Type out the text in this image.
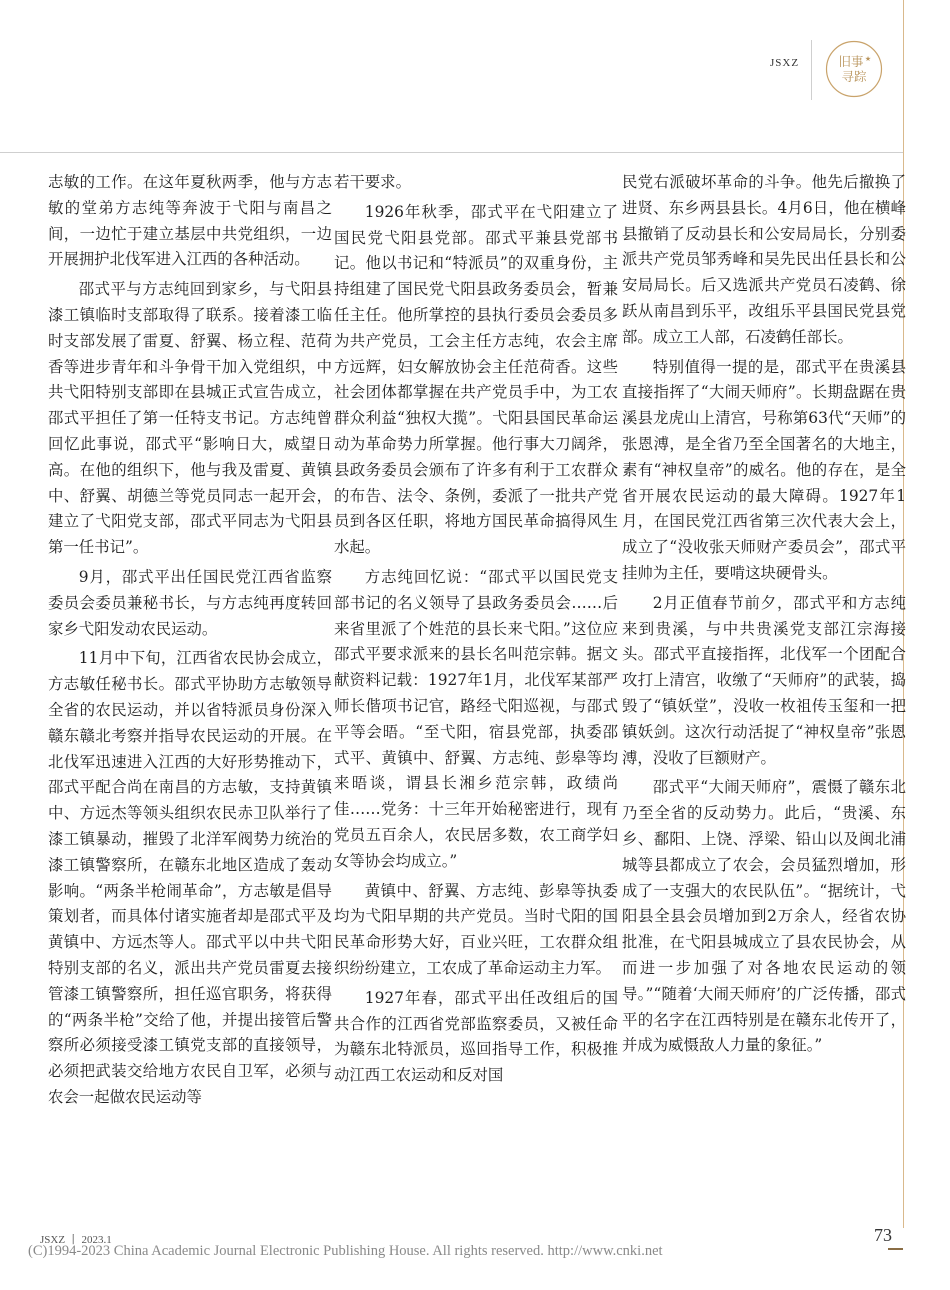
JSXZ	旧事 ★
寻踪

志敏的工作。在这年夏秋两季，他与方志敏的堂弟方志纯等奔波于弋阳与南昌之间，一边忙于建立基层中共党组织，一边开展拥护北伐军进入江西的各种活动。

邵式平与方志纯回到家乡，与弋阳县漆工镇临时支部取得了联系。接着漆工临时支部发展了雷夏、舒翼、杨立程、范荷香等进步青年和斗争骨干加入党组织，中共弋阳特别支部即在县城正式宣告成立，邵式平担任了第一任特支书记。方志纯曾回忆此事说，邵式平“影响日大，威望日高。在他的组织下，他与我及雷夏、黄镇中、舒翼、胡德兰等党员同志一起开会，建立了弋阳党支部，邵式平同志为弋阳县第一任书记”。

9月，邵式平出任国民党江西省监察委员会委员兼秘书长，与方志纯再度转回家乡弋阳发动农民运动。

11月中下旬，江西省农民协会成立，方志敏任秘书长。邵式平协助方志敏领导全省的农民运动，并以省特派员身份深入赣东赣北考察并指导农民运动的开展。在北伐军迅速进入江西的大好形势推动下，邵式平配合尚在南昌的方志敏，支持黄镇中、方远杰等领头组织农民赤卫队举行了漆工镇暴动，摧毁了北洋军阀势力统治的漆工镇警察所，在赣东北地区造成了轰动影响。“两条半枪闹革命”，方志敏是倡导策划者，而具体付诸实施者却是邵式平及黄镇中、方远杰等人。邵式平以中共弋阳特别支部的名义，派出共产党员雷夏去接管漆工镇警察所，担任巡官职务，将获得的“两条半枪”交给了他，并提出接管后警察所必须接受漆工镇党支部的直接领导，必须把武装交给地方农民自卫军，必须与农会一起做农民运动等

若干要求。

1926年秋季，邵式平在弋阳建立了国民党弋阳县党部。邵式平兼县党部书记。他以书记和“特派员”的双重身份，主持组建了国民党弋阳县政务委员会，暂兼任主任。他所掌控的县执行委员会委员多为共产党员，工会主任方志纯，农会主席方远辉，妇女解放协会主任范荷香。这些社会团体都掌握在共产党员手中，为工农群众利益“独权大揽”。弋阳县国民革命运动为革命势力所掌握。他行事大刀阔斧，县政务委员会颁布了许多有利于工农群众的布告、法令、条例，委派了一批共产党员到各区任职，将地方国民革命搞得风生水起。

方志纯回忆说：“邵式平以国民党支部书记的名义领导了县政务委员会……后来省里派了个姓范的县长来弋阳。”这位应邵式平要求派来的县长名叫范宗韩。据文献资料记载：1927年1月，北伐军某部严师长偕项书记官，路经弋阳巡视，与邵式平等会晤。“至弋阳，宿县党部，执委邵式平、黄镇中、舒翼、方志纯、彭皋等均来晤谈，谓县长湘乡范宗韩，政绩尚佳……党务：十三年开始秘密进行，现有党员五百余人，农民居多数，农工商学妇女等协会均成立。”

黄镇中、舒翼、方志纯、彭皋等执委均为弋阳早期的共产党员。当时弋阳的国民革命形势大好，百业兴旺，工农群众组织纷纷建立，工农成了革命运动主力军。

1927年春，邵式平出任改组后的国共合作的江西省党部监察委员，又被任命为赣东北特派员，巡回指导工作，积极推动江西工农运动和反对国

民党右派破坏革命的斗争。他先后撤换了进贤、东乡两县县长。4月6日，他在横峰县撤销了反动县长和公安局局长，分别委派共产党员邹秀峰和吴先民出任县长和公安局局长。后又选派共产党员石凌鹤、徐跃从南昌到乐平，改组乐平县国民党县党部。成立工人部，石凌鹤任部长。

特别值得一提的是，邵式平在贵溪县直接指挥了“大闹天师府”。长期盘踞在贵溪县龙虎山上清宫，号称第63代“天师”的张恩溥，是全省乃至全国著名的大地主，素有“神权皇帝”的威名。他的存在，是全省开展农民运动的最大障碍。1927年1月，在国民党江西省第三次代表大会上，成立了“没收张天师财产委员会”，邵式平挂帅为主任，要啃这块硬骨头。

2月正值春节前夕，邵式平和方志纯来到贵溪，与中共贵溪党支部江宗海接头。邵式平直接指挥，北伐军一个团配合攻打上清宫，收缴了“天师府”的武装，捣毁了“镇妖堂”，没收一枚祖传玉玺和一把镇妖剑。这次行动活捉了“神权皇帝”张恩溥，没收了巨额财产。

邵式平“大闹天师府”，震慑了赣东北乃至全省的反动势力。此后，“贵溪、东乡、鄱阳、上饶、浮梁、铅山以及闽北浦城等县都成立了农会，会员猛烈增加，形成了一支强大的农民队伍”。“据统计，弋阳县全县会员增加到2万余人，经省农协批准，在弋阳县城成立了县农民协会，从而进一步加强了对各地农民运动的领导。”“随着‘大闹天师府’的广泛传播，邵式平的名字在江西特别是在赣东北传开了，并成为威慑敌人力量的象征。”

JSXZ 丨 2023.1	73
(C)1994-2023 China Academic Journal Electronic Publishing House. All rights reserved. http://www.cnki.net
